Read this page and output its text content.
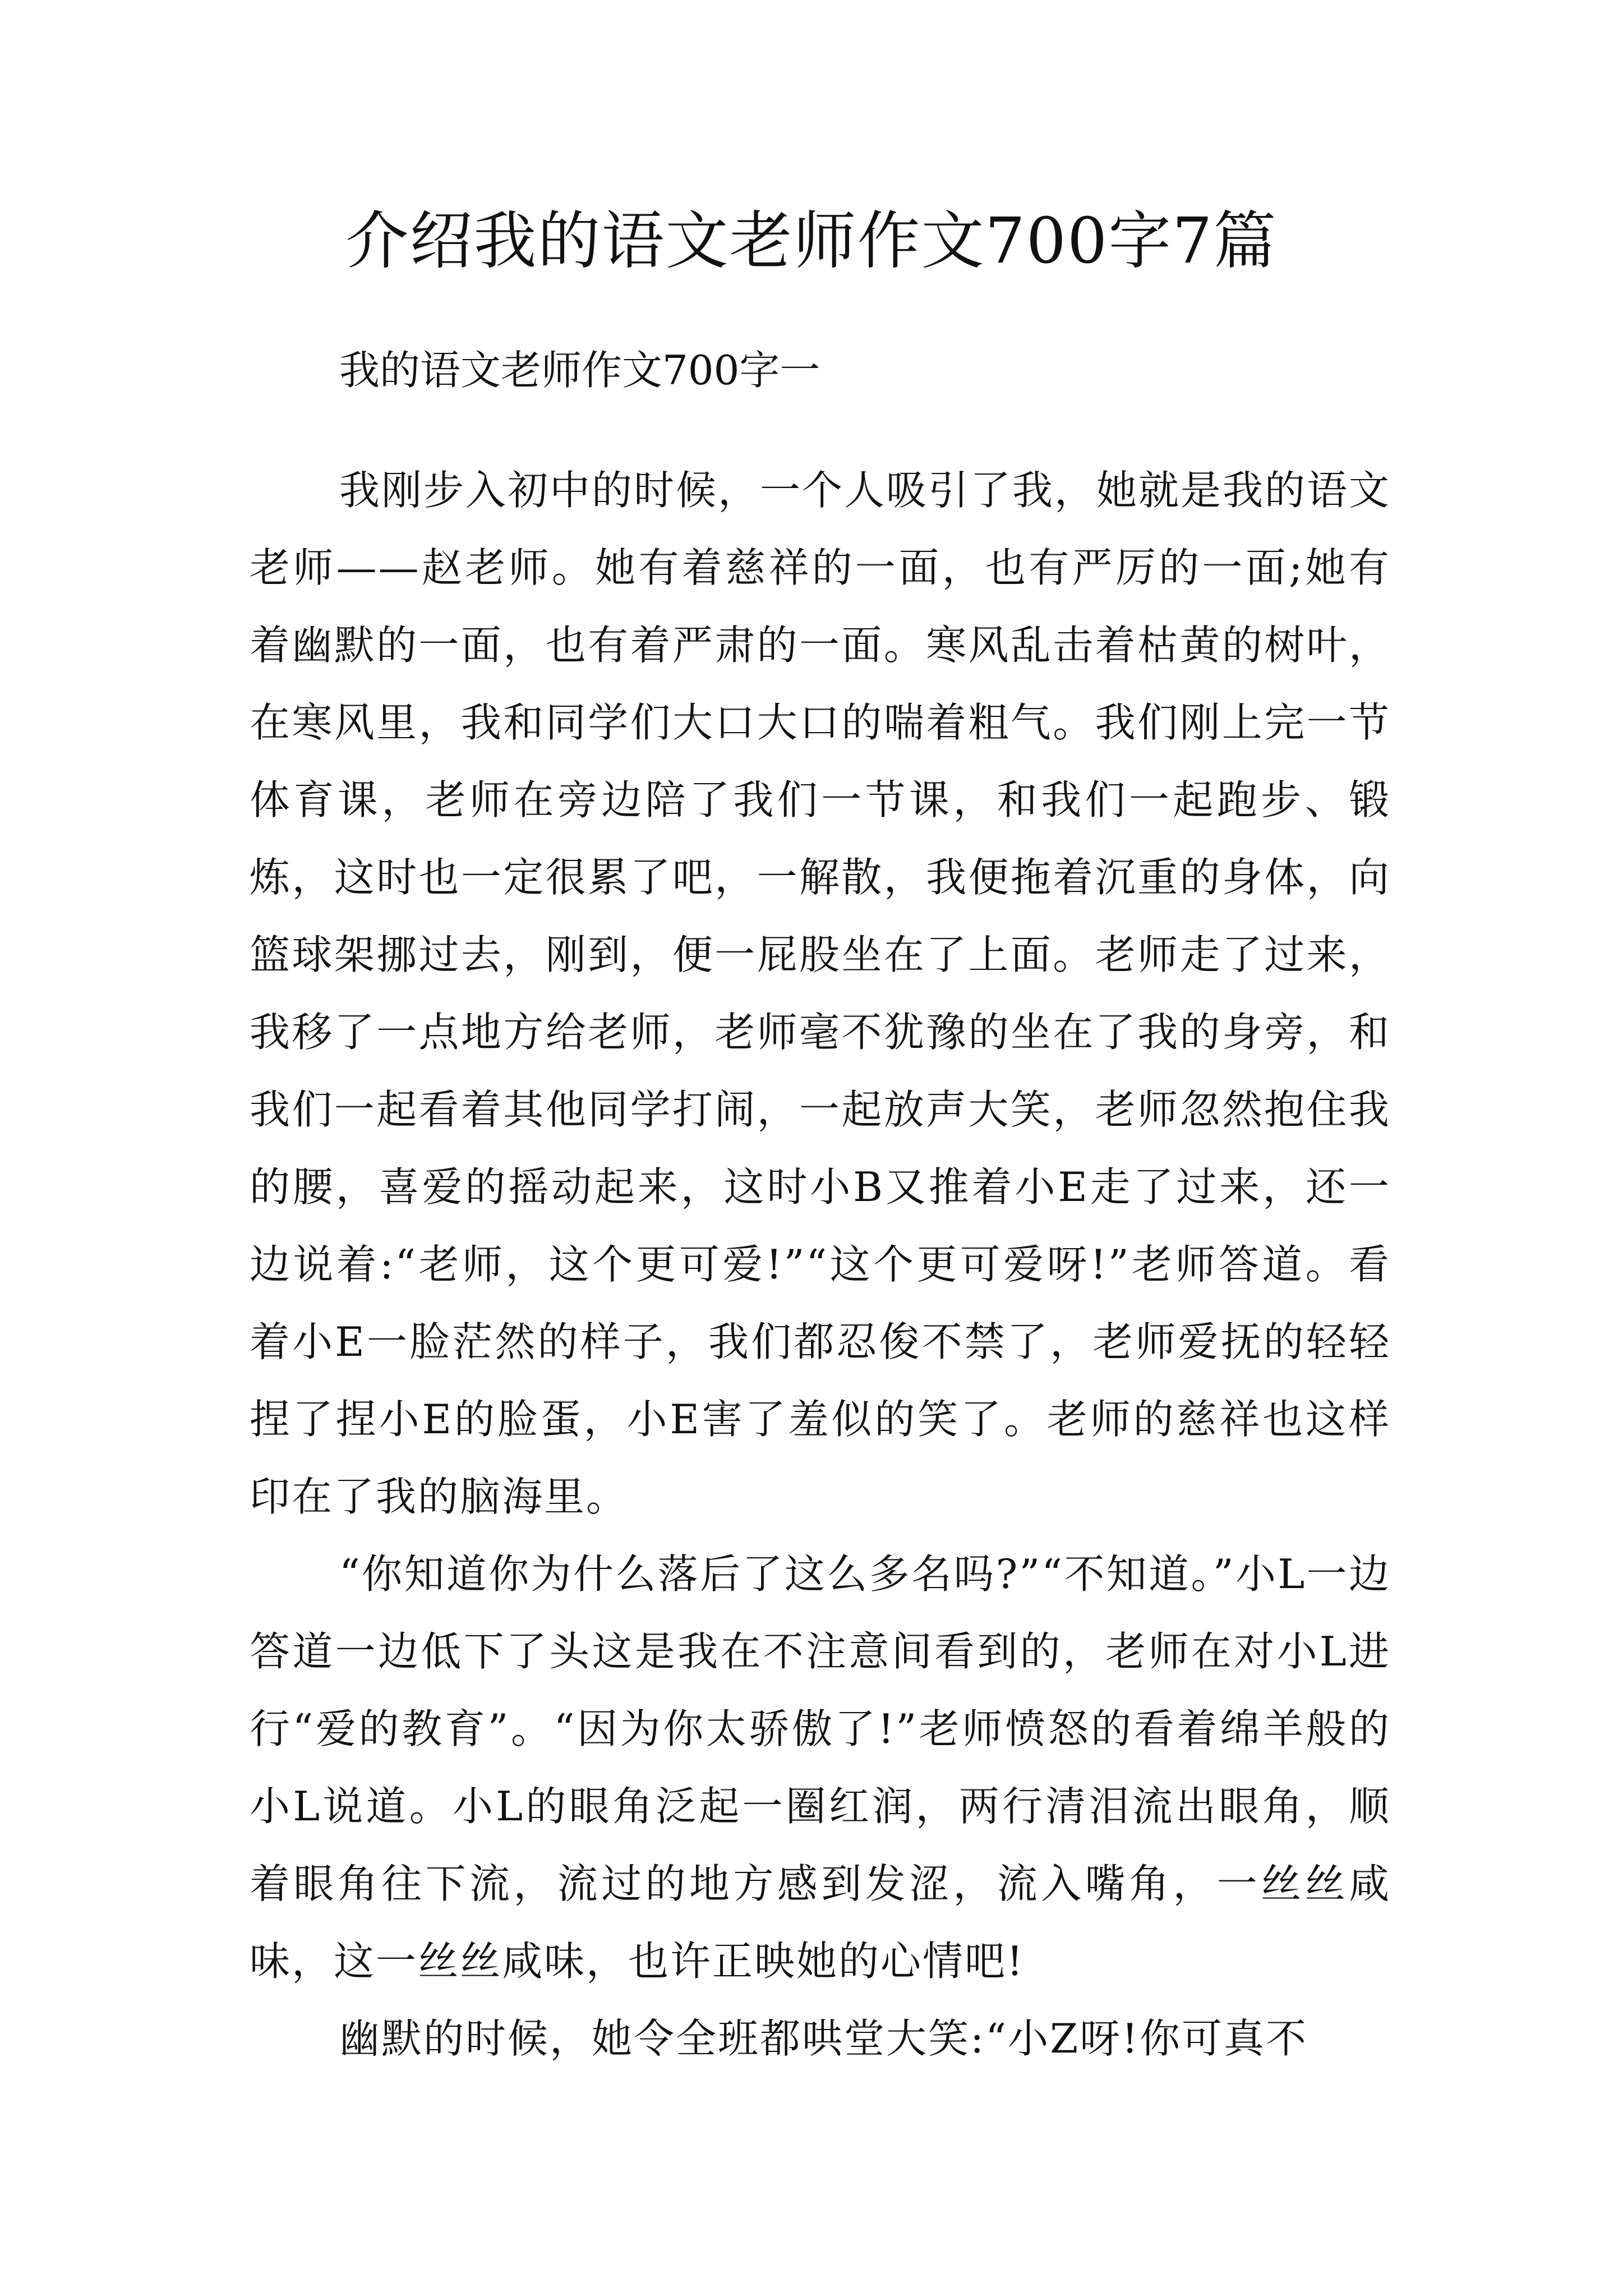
介绍我的语文老师作文700字7篇
我的语文老师作文700字一

我刚步入初中的时候，一个人吸引了我，她就是我的语文老师——赵老师。她有着慈祥的一面，也有严厉的一面;她有着幽默的一面，也有着严肃的一面。寒风乱击着枯黄的树叶，在寒风里，我和同学们大口大口的喘着粗气。我们刚上完一节体育课，老师在旁边陪了我们一节课，和我们一起跑步、锻炼，这时也一定很累了吧，一解散，我便拖着沉重的身体，向篮球架挪过去，刚到，便一屁股坐在了上面。老师走了过来，我移了一点地方给老师，老师毫不犹豫的坐在了我的身旁，和我们一起看着其他同学打闹，一起放声大笑，老师忽然抱住我的腰，喜爱的摇动起来，这时小B又推着小E走了过来，还一边说着:“老师，这个更可爱!”“这个更可爱呀!”老师答道。看着小E一脸茫然的样子，我们都忍俊不禁了，老师爱抚的轻轻捏了捏小E的脸蛋，小E害了羞似的笑了。老师的慈祥也这样印在了我的脑海里。

“你知道你为什么落后了这么多名吗?”“不知道。”小L一边答道一边低下了头这是我在不注意间看到的，老师在对小L进行“爱的教育”。“因为你太骄傲了!”老师愤怒的看着绵羊般的小L说道。小L的眼角泛起一圈红润，两行清泪流出眼角，顺着眼角往下流，流过的地方感到发涩，流入嘴角，一丝丝咸味，这一丝丝咸味，也许正映她的心情吧!

幽默的时候，她令全班都哄堂大笑:“小Z呀!你可真不
